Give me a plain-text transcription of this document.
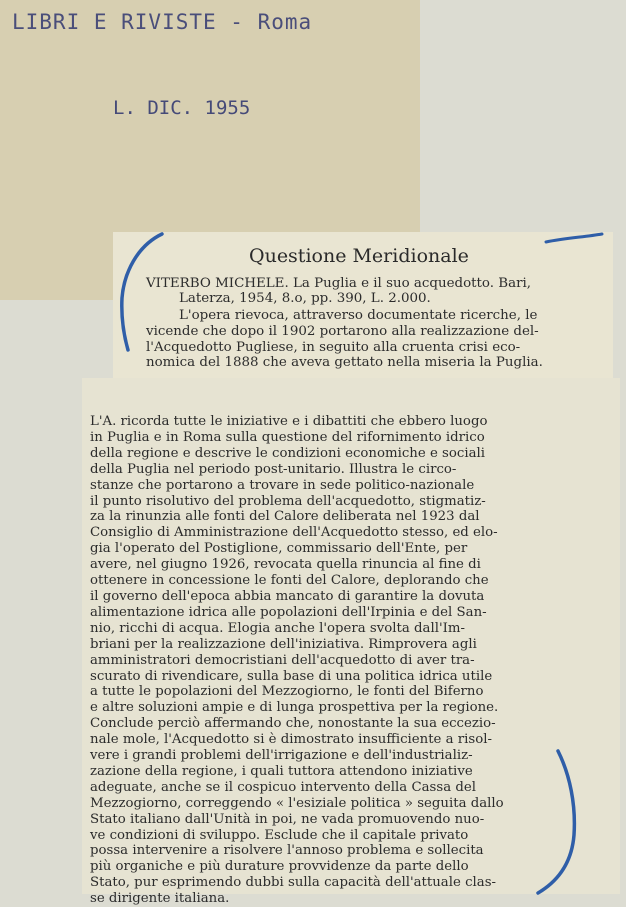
LIBRI E RIVISTE - Roma
L. DIC. 1955
Questione Meridionale
VITERBO MICHELE. La Puglia e il suo acquedotto. Bari,
Laterza, 1954, 8.o, pp. 390, L. 2.000.
L'opera rievoca, attraverso documentate ricerche, le
vicende che dopo il 1902 portarono alla realizzazione del-
l'Acquedotto Pugliese, in seguito alla cruenta crisi eco-
nomica del 1888 che aveva gettato nella miseria la Puglia.
L'A. ricorda tutte le iniziative e i dibattiti che ebbero luogo
in Puglia e in Roma sulla questione del rifornimento idrico
della regione e descrive le condizioni economiche e sociali
della Puglia nel periodo post-unitario. Illustra le circo-
stanze che portarono a trovare in sede politico-nazionale
il punto risolutivo del problema dell'acquedotto, stigmatiz-
za la rinunzia alle fonti del Calore deliberata nel 1923 dal
Consiglio di Amministrazione dell'Acquedotto stesso, ed elo-
gia l'operato del Postiglione, commissario dell'Ente, per
avere, nel giugno 1926, revocata quella rinuncia al fine di
ottenere in concessione le fonti del Calore, deplorando che
il governo dell'epoca abbia mancato di garantire la dovuta
alimentazione idrica alle popolazioni dell'Irpinia e del San-
nio, ricchi di acqua. Elogia anche l'opera svolta dall'Im-
briani per la realizzazione dell'iniziativa. Rimprovera agli
amministratori democristiani dell'acquedotto di aver tra-
scurato di rivendicare, sulla base di una politica idrica utile
a tutte le popolazioni del Mezzogiorno, le fonti del Biferno
e altre soluzioni ampie e di lunga prospettiva per la regione.
Conclude perciò affermando che, nonostante la sua eccezio-
nale mole, l'Acquedotto si è dimostrato insufficiente a risol-
vere i grandi problemi dell'irrigazione e dell'industrializ-
zazione della regione, i quali tuttora attendono iniziative
adeguate, anche se il cospicuo intervento della Cassa del
Mezzogiorno, correggendo « l'esiziale politica » seguita dallo
Stato italiano dall'Unità in poi, ne vada promuovendo nuo-
ve condizioni di sviluppo. Esclude che il capitale privato
possa intervenire a risolvere l'annoso problema e sollecita
più organiche e più durature provvidenze da parte dello
Stato, pur esprimendo dubbi sulla capacità dell'attuale clas-
se dirigente italiana.
